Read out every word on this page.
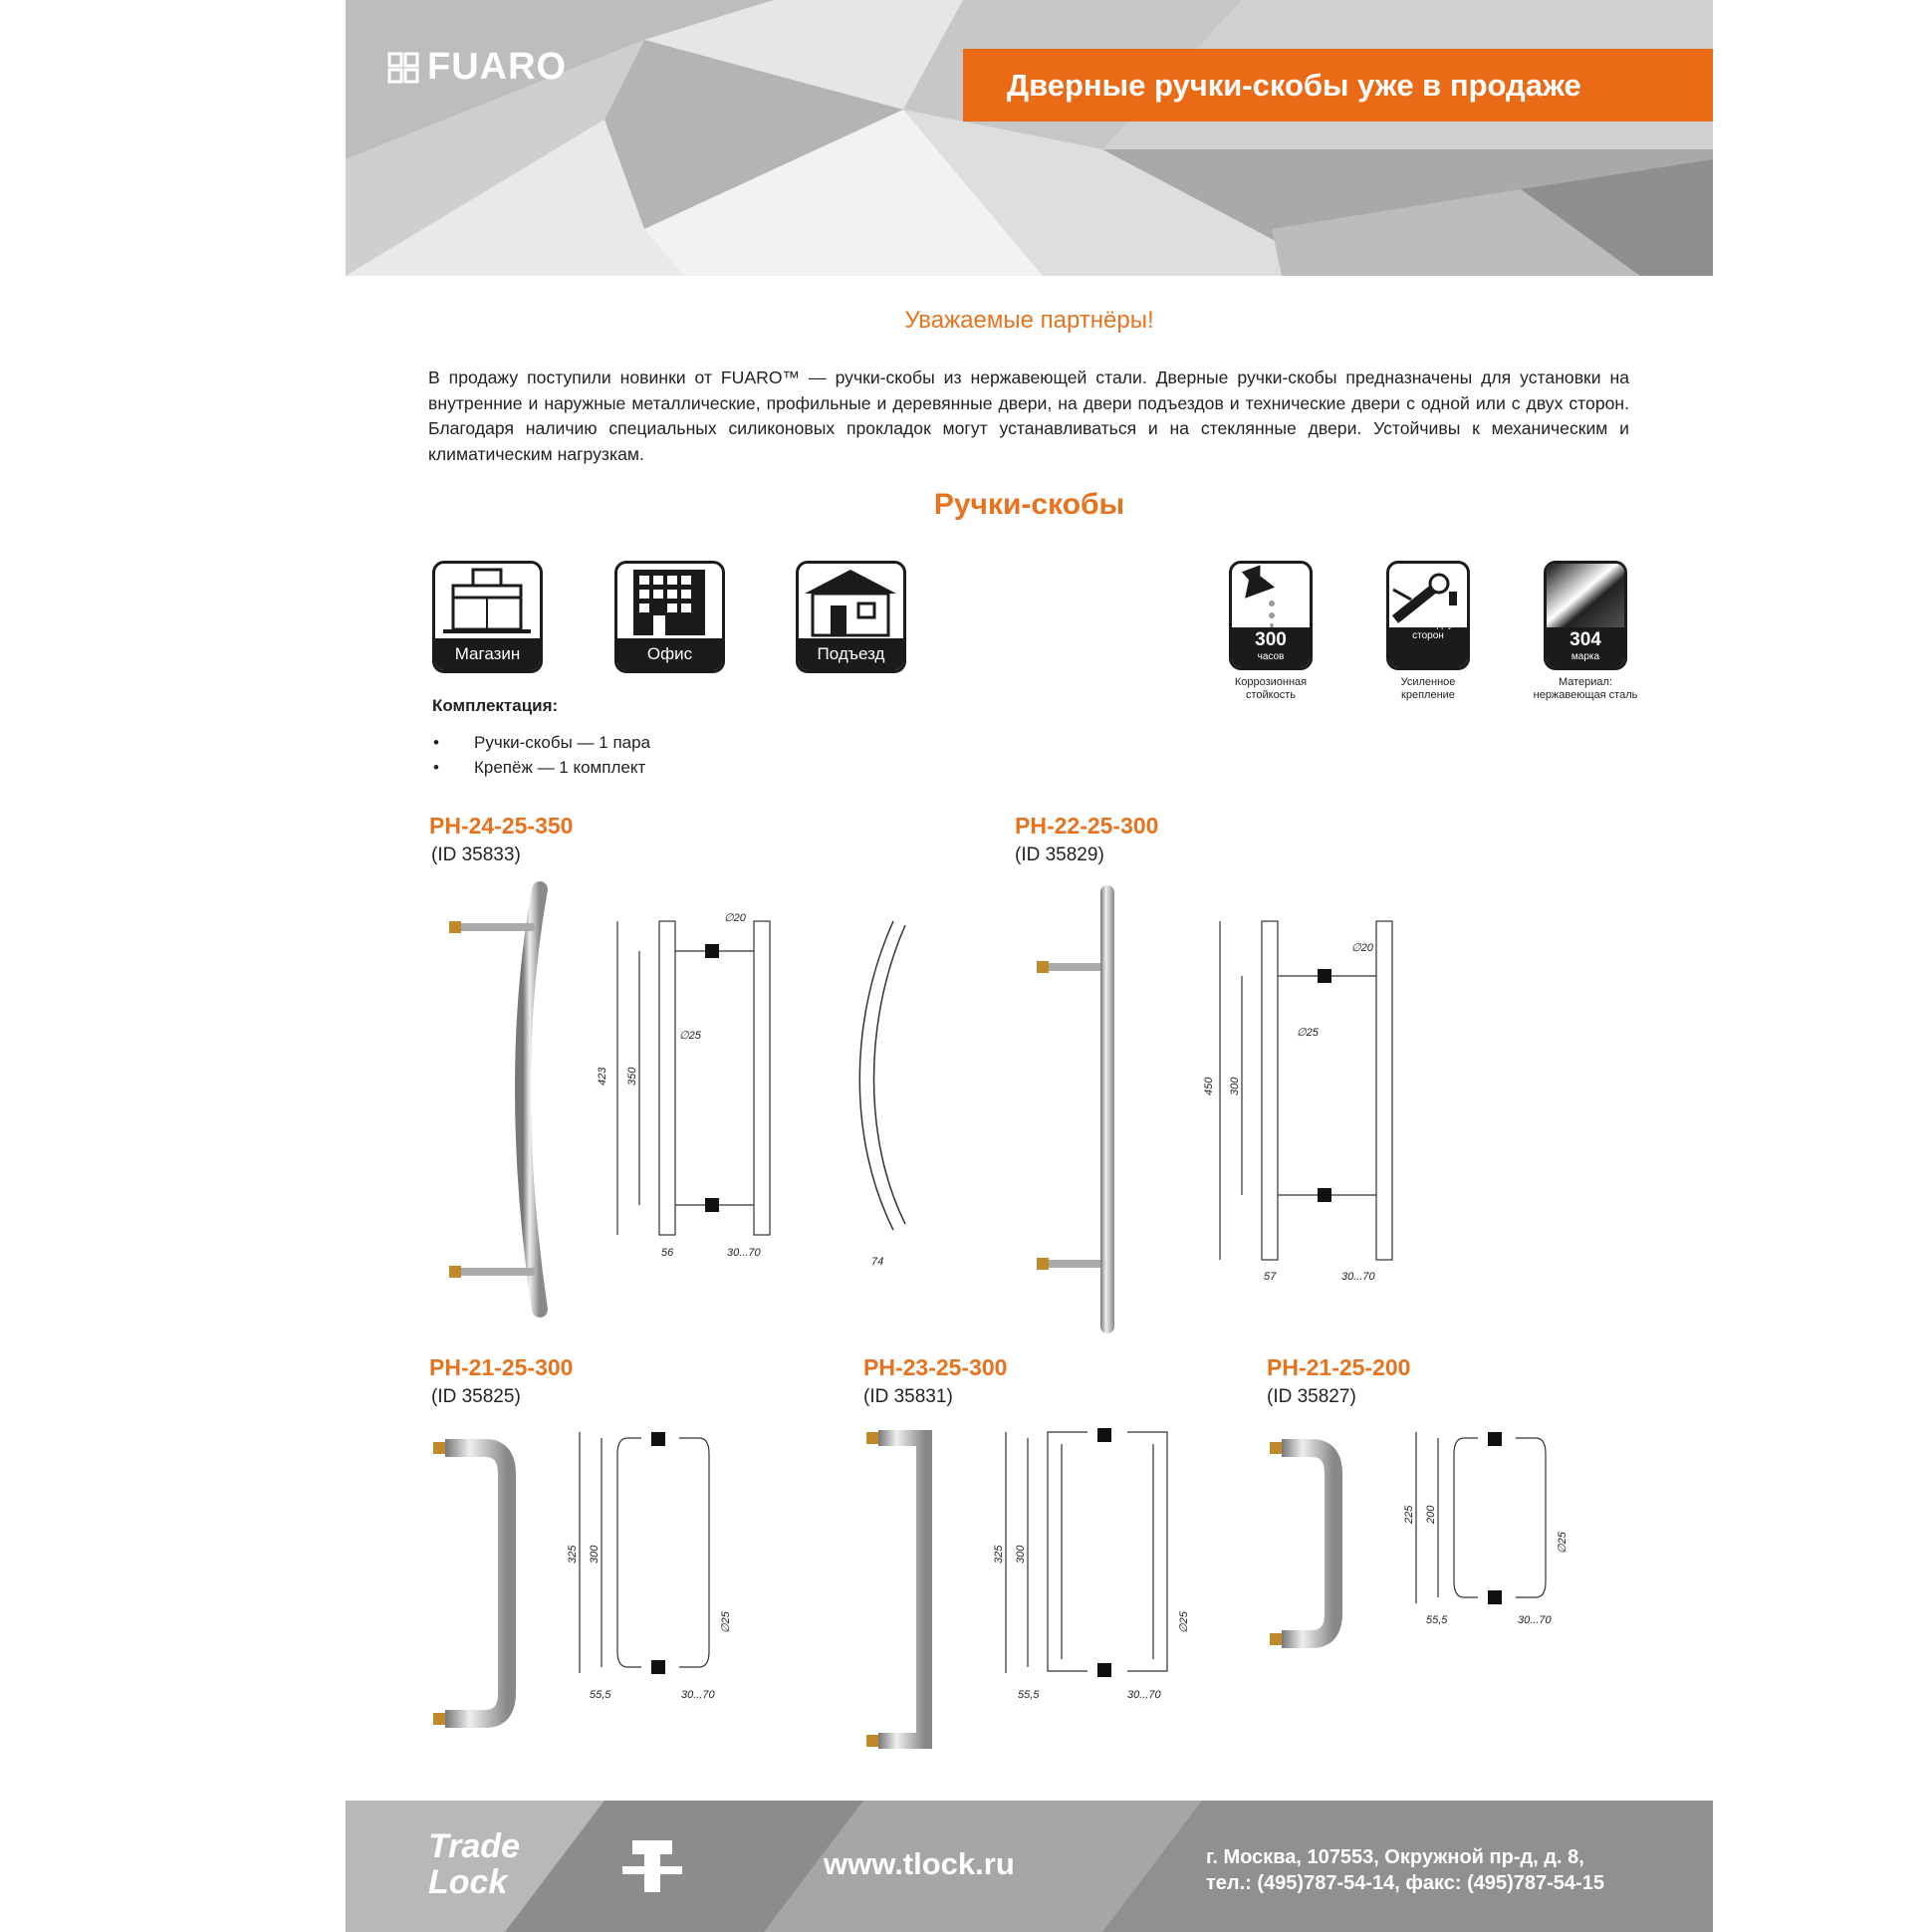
FUARO	Дверные ручки-скобы уже в продаже
Уважаемые партнёры!
В продажу поступили новинки от FUARO™ — ручки-скобы из нержавеющей стали. Дверные ручки-скобы предназначены для установки на внутренние и наружные металлические, профильные и деревянные двери, на двери подъездов и технические двери с одной или с двух сторон. Благодаря наличию специальных силиконовых прокладок могут устанавливаться и на стеклянные двери. Устойчивы к механическим и климатическим нагрузкам.
Ручки-скобы
Магазин	Офис	Подъезд
300
часов
винты с двух сторон	304
марка
Коррозионная
стойкость
Усиленное
крепление
Материал:
нержавеющая сталь
Комплектация:
• Ручки-скобы — 1 пара
• Крепёж — 1 комплект
PH-24-25-350
(ID 35833)
PH-22-25-300
(ID 35829)
PH-21-25-300
(ID 35825)
PH-23-25-300
(ID 35831)
PH-21-25-200
(ID 35827)
423 350
∅25
∅20
56	30...70
74
450 300
∅25
∅20
57	30...70
325 300
∅25
55,5	30...70
325 300
∅25
55,5	30...70
225 200
∅25
55,5	30...70
Trade
Lock	www.tlock.ru	г. Москва, 107553, Окружной пр-д, д. 8,
тел.: (495)787-54-14, факс: (495)787-54-15
